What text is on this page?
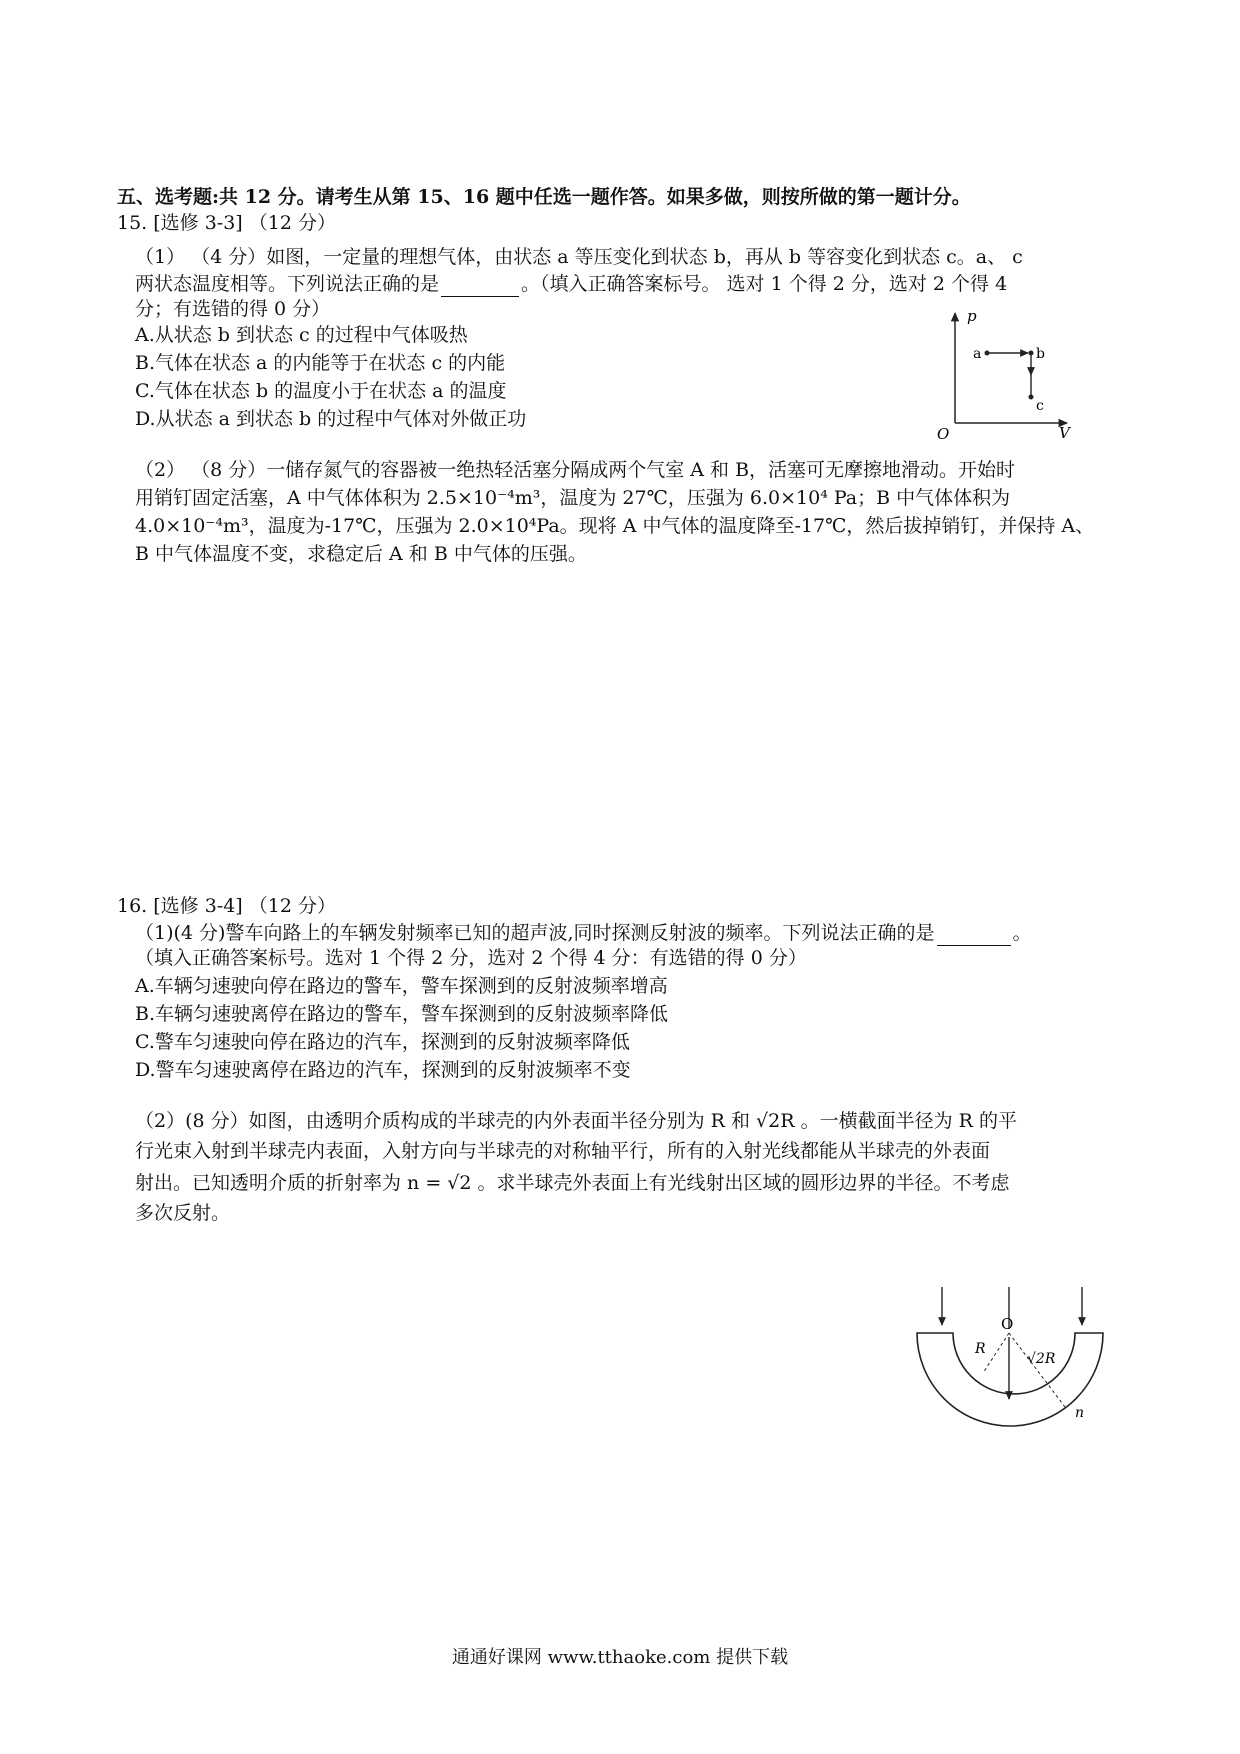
五、选考题:共 12 分。请考生从第 15、16 题中任选一题作答。如果多做，则按所做的第一题计分。
15. [选修 3-3] （12 分）
（1） （4 分）如图，一定量的理想气体，由状态 a 等压变化到状态 b，再从 b 等容变化到状态 c。a、 c
两状态温度相等。下列说法正确的是	。（填入正确答案标号。 选对 1 个得 2 分，选对 2 个得 4
分；有选错的得 0 分）
A.从状态 b 到状态 c 的过程中气体吸热
B.气体在状态 a 的内能等于在状态 c 的内能
C.气体在状态 b 的温度小于在状态 a 的温度
D.从状态 a 到状态 b 的过程中气体对外做正功
p
V
O
a	b
c
（2） （8 分）一储存氮气的容器被一绝热轻活塞分隔成两个气室 A 和 B，活塞可无摩擦地滑动。开始时
用销钉固定活塞，A 中气体体积为 2.5×10⁻⁴m³，温度为 27℃，压强为 6.0×10⁴ Pa；B 中气体体积为
4.0×10⁻⁴m³，温度为-17℃，压强为 2.0×10⁴Pa。现将 A 中气体的温度降至-17℃，然后拔掉销钉，并保持 A、
B 中气体温度不变，求稳定后 A 和 B 中气体的压强。
16. [选修 3-4] （12 分）
（1)(4 分)警车向路上的车辆发射频率已知的超声波,同时探测反射波的频率。下列说法正确的是	。
（填入正确答案标号。选对 1 个得 2 分，选对 2 个得 4 分：有选错的得 0 分）
A.车辆匀速驶向停在路边的警车，警车探测到的反射波频率增高
B.车辆匀速驶离停在路边的警车，警车探测到的反射波频率降低
C.警车匀速驶向停在路边的汽车，探测到的反射波频率降低
D.警车匀速驶离停在路边的汽车，探测到的反射波频率不变
（2）(8 分）如图，由透明介质构成的半球壳的内外表面半径分别为 R 和 √2R 。一横截面半径为 R 的平
行光束入射到半球壳内表面，入射方向与半球壳的对称轴平行，所有的入射光线都能从半球壳的外表面
射出。已知透明介质的折射率为 n = √2 。求半球壳外表面上有光线射出区域的圆形边界的半径。不考虑
多次反射。
O
R
√2R
n
通通好课网 www.tthaoke.com 提供下载
